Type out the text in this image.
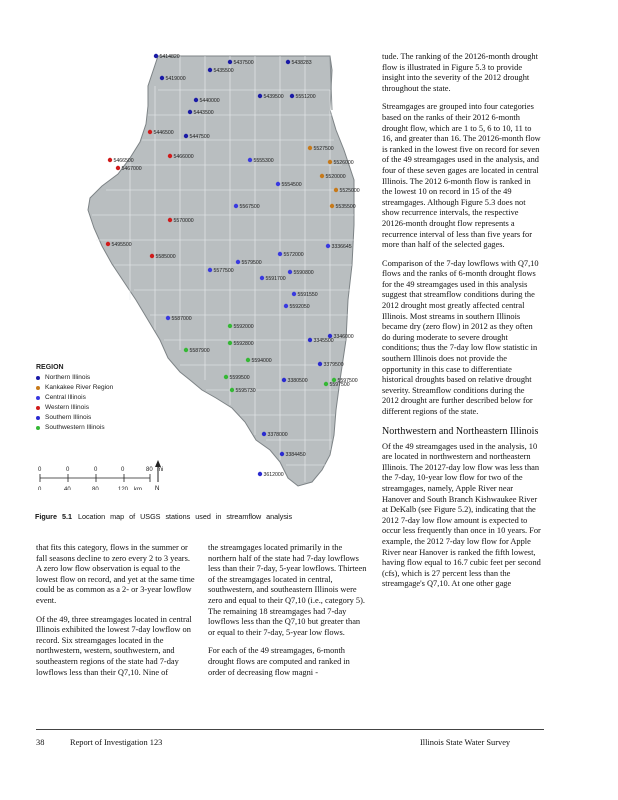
5419000
5437500	5438283
5435500
5440000
5443500
5439500 5551200
5414820
5446500
5447500
5466500
5467000
5466000
5527500
5555300	5526000
5520000
5554500
5525000
5570000
5567500	5535500
5495500
5585000
3336645
5572000
5579500
5577500	5590800
5591700
5591550
5592050
5587000
5592000
3346000
5592800	3345500
5594000
5587900
5599500
3379500
5595730
3380500
5597500
3378000
5597500
3384450
3612000
0	0	0	0	80 mi
0	40	80	120 km N
REGION
Northern Illinois
Kankakee River Region
Central Illinois
Western Illinois
Southern Illinois
Southwestern Illinois
Figure 5.1 Location map of USGS stations used in streamflow analysis

tude. The ranking of the 20126-month drought flow is illustrated in Figure 5.3 to provide insight into the severity of the 2012 drought throughout the state.

Streamgages are grouped into four categories based on the ranks of their 2012 6-month drought flow, which are 1 to 5, 6 to 10, 11 to 16, and greater than 16. The 20126-month flow is ranked in the lowest five on record for seven of the 49 streamgages used in the analysis, and four of these seven gages are located in central Illinois. The 2012 6-month flow is ranked in the lowest 10 on record in 15 of the 49 streamgages. Although Figure 5.3 does not show recurrence intervals, the respective 20126-month drought flow represents a recurrence interval of less than five years for more than half of the selected gages.

Comparison of the 7-day lowflows with Q7,10 flows and the ranks of 6-month drought flows for the 49 streamgages used in this analysis suggest that streamflow conditions during the 2012 drought most greatly affected central Illinois. Most streams in southern Illinois became dry (zero flow) in 2012 as they often do during moderate to severe drought conditions; thus the 7-day low flow statistic in southern Illinois does not provide the opportunity in this case to differentiate historical droughts based on relative drought severity. Streamflow conditions during the 2012 drought are further described below for different regions of the state.

Northwestern and Northeastern Illinois

Of the 49 streamgages used in the analysis, 10 are located in northwestern and northeastern Illinois. The 20127-day low flow was less than the 7-day, 10-year low flow for two of the streamgages, namely, Apple River near Hanover and South Branch Kishwaukee River at DeKalb (see Figure 5.2), indicating that the 2012 7-day low flow amount is expected to occur less frequently than once in 10 years. For example, the 2012 7-day low flow for Apple River near Hanover is ranked the fifth lowest, having flow equal to 16.7 cubic feet per second (cfs), which is 27 percent less than the streamgage's Q7,10. At one other gage

that fits this category, flows in the summer or fall seasons decline to zero every 2 to 3 years. A zero low flow observation is equal to the lowest flow on record, and yet at the same time could be as common as a 2- or 3-year lowflow event.

Of the 49, three streamgages located in central Illinois exhibited the lowest 7-day lowflow on record. Six streamgages located in the northwestern, western, southwestern, and southeastern regions of the state had 7-day lowflows less than their Q7,10. Nine of

the streamgages located primarily in the northern half of the state had 7-day lowflows less than their 7-day, 5-year lowflows. Thirteen of the streamgages located in central, southwestern, and southeastern Illinois were zero and equal to their Q7,10 (i.e., category 5). The remaining 18 streamgages had 7-day lowflows less than the Q7,10 but greater than or equal to their 7-day, 5-year low flows.

For each of the 49 streamgages, 6-month drought flows are computed and ranked in order of decreasing flow magni -

38	Report of Investigation 123	Illinois State Water Survey
